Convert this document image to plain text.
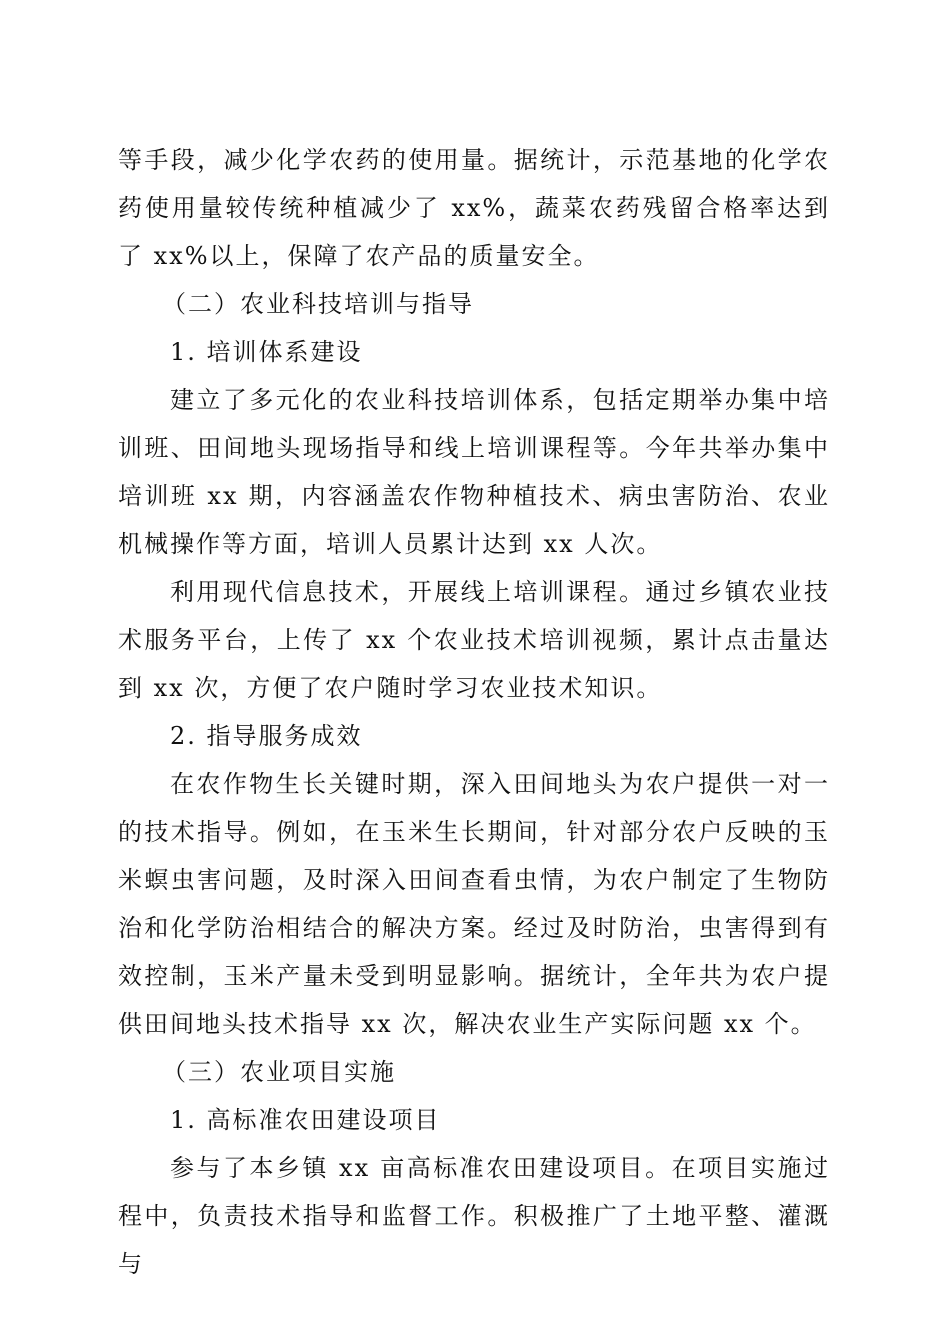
等手段，减少化学农药的使用量。据统计，示范基地的化学农药使用量较传统种植减少了 xx%，蔬菜农药残留合格率达到了 xx%以上，保障了农产品的质量安全。

（二）农业科技培训与指导

1. 培训体系建设

建立了多元化的农业科技培训体系，包括定期举办集中培训班、田间地头现场指导和线上培训课程等。今年共举办集中培训班 xx 期，内容涵盖农作物种植技术、病虫害防治、农业机械操作等方面，培训人员累计达到 xx 人次。

利用现代信息技术，开展线上培训课程。通过乡镇农业技术服务平台，上传了 xx 个农业技术培训视频，累计点击量达到 xx 次，方便了农户随时学习农业技术知识。

2. 指导服务成效

在农作物生长关键时期，深入田间地头为农户提供一对一的技术指导。例如，在玉米生长期间，针对部分农户反映的玉米螟虫害问题，及时深入田间查看虫情，为农户制定了生物防治和化学防治相结合的解决方案。经过及时防治，虫害得到有效控制，玉米产量未受到明显影响。据统计，全年共为农户提供田间地头技术指导 xx 次，解决农业生产实际问题 xx 个。

（三）农业项目实施

1. 高标准农田建设项目

参与了本乡镇 xx 亩高标准农田建设项目。在项目实施过程中，负责技术指导和监督工作。积极推广了土地平整、灌溉与
